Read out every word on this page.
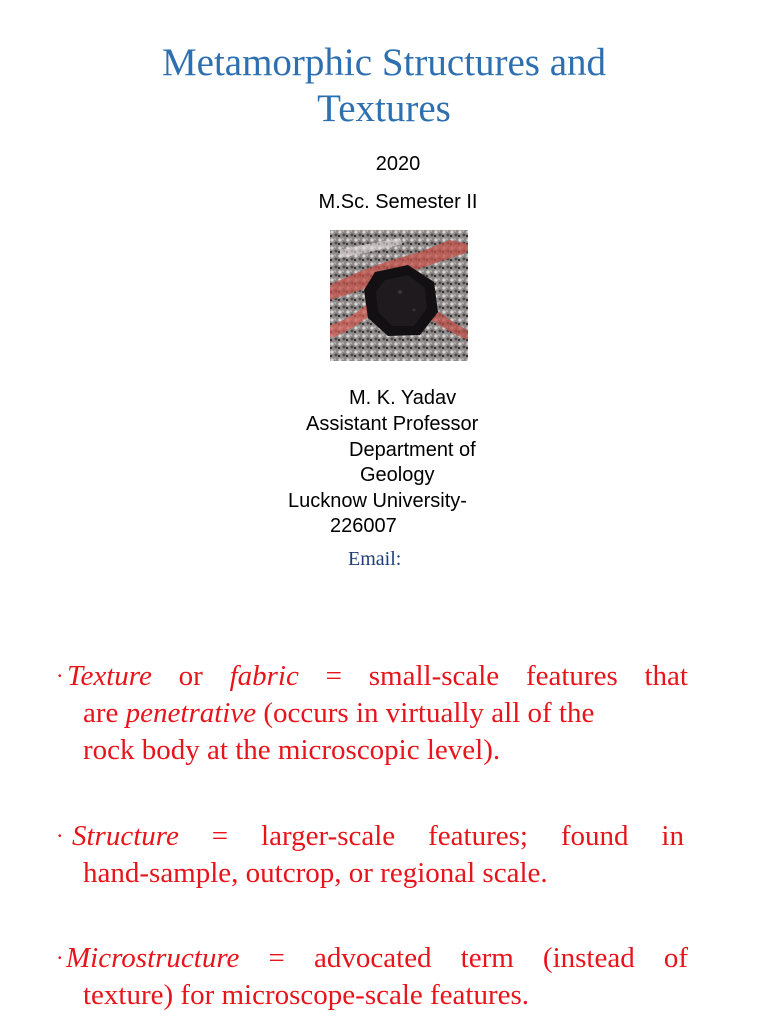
Metamorphic Structures and
Textures
2020
M.Sc. Semester II
M. K. Yadav
Assistant Professor
Department of
Geology
Lucknow University-
226007
Email:
• Texture or fabric = small-scale features that
are penetrative (occurs in virtually all of the
rock body at the microscopic level).
• Structure = larger-scale features; found in
hand-sample, outcrop, or regional scale.
• Microstructure = advocated term (instead of
texture) for microscope-scale features.
